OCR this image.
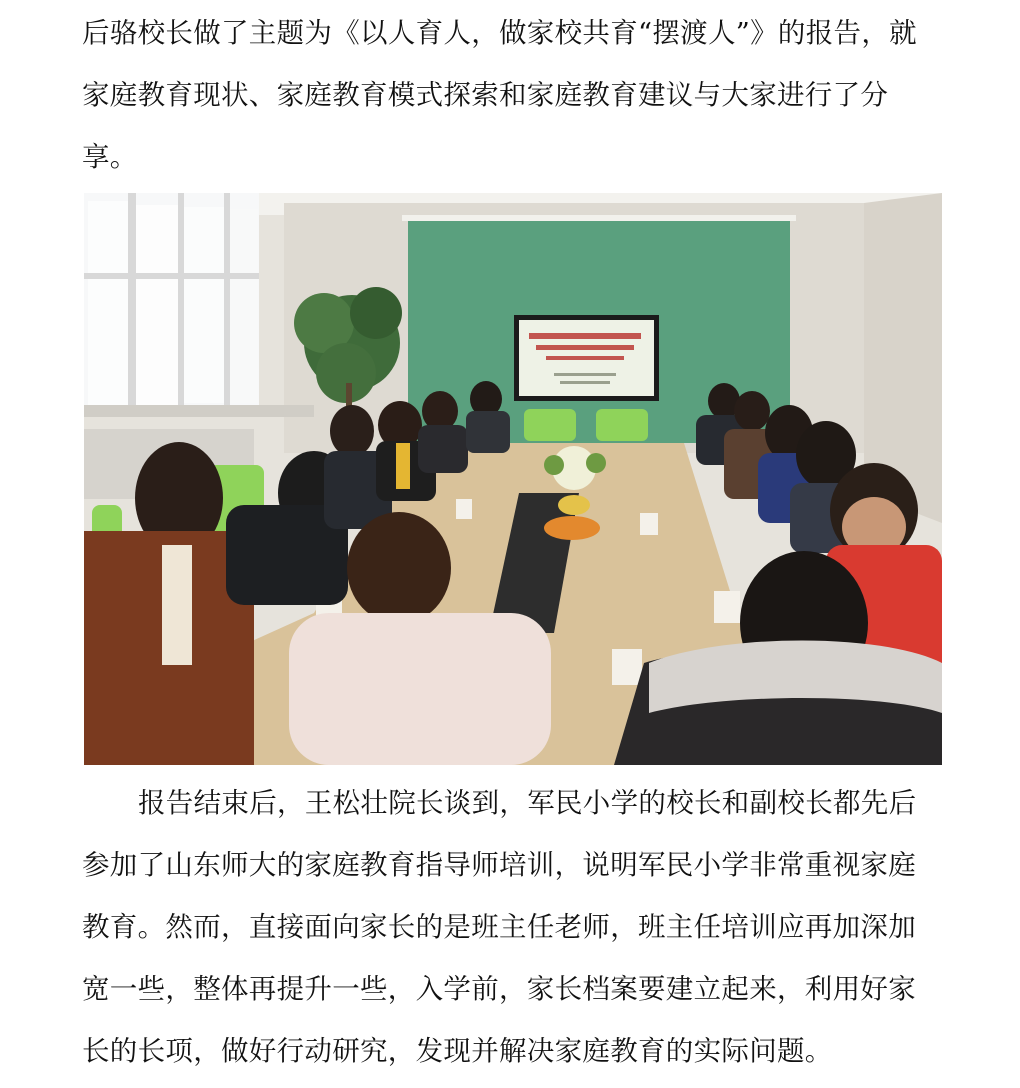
后骆校长做了主题为《以人育人，做家校共育“摆渡人”》的报告，就家庭教育现状、家庭教育模式探索和家庭教育建议与大家进行了分享。

报告结束后，王松壮院长谈到，军民小学的校长和副校长都先后参加了山东师大的家庭教育指导师培训，说明军民小学非常重视家庭教育。然而，直接面向家长的是班主任老师，班主任培训应再加深加宽一些，整体再提升一些，入学前，家长档案要建立起来，利用好家长的长项，做好行动研究，发现并解决家庭教育的实际问题。
